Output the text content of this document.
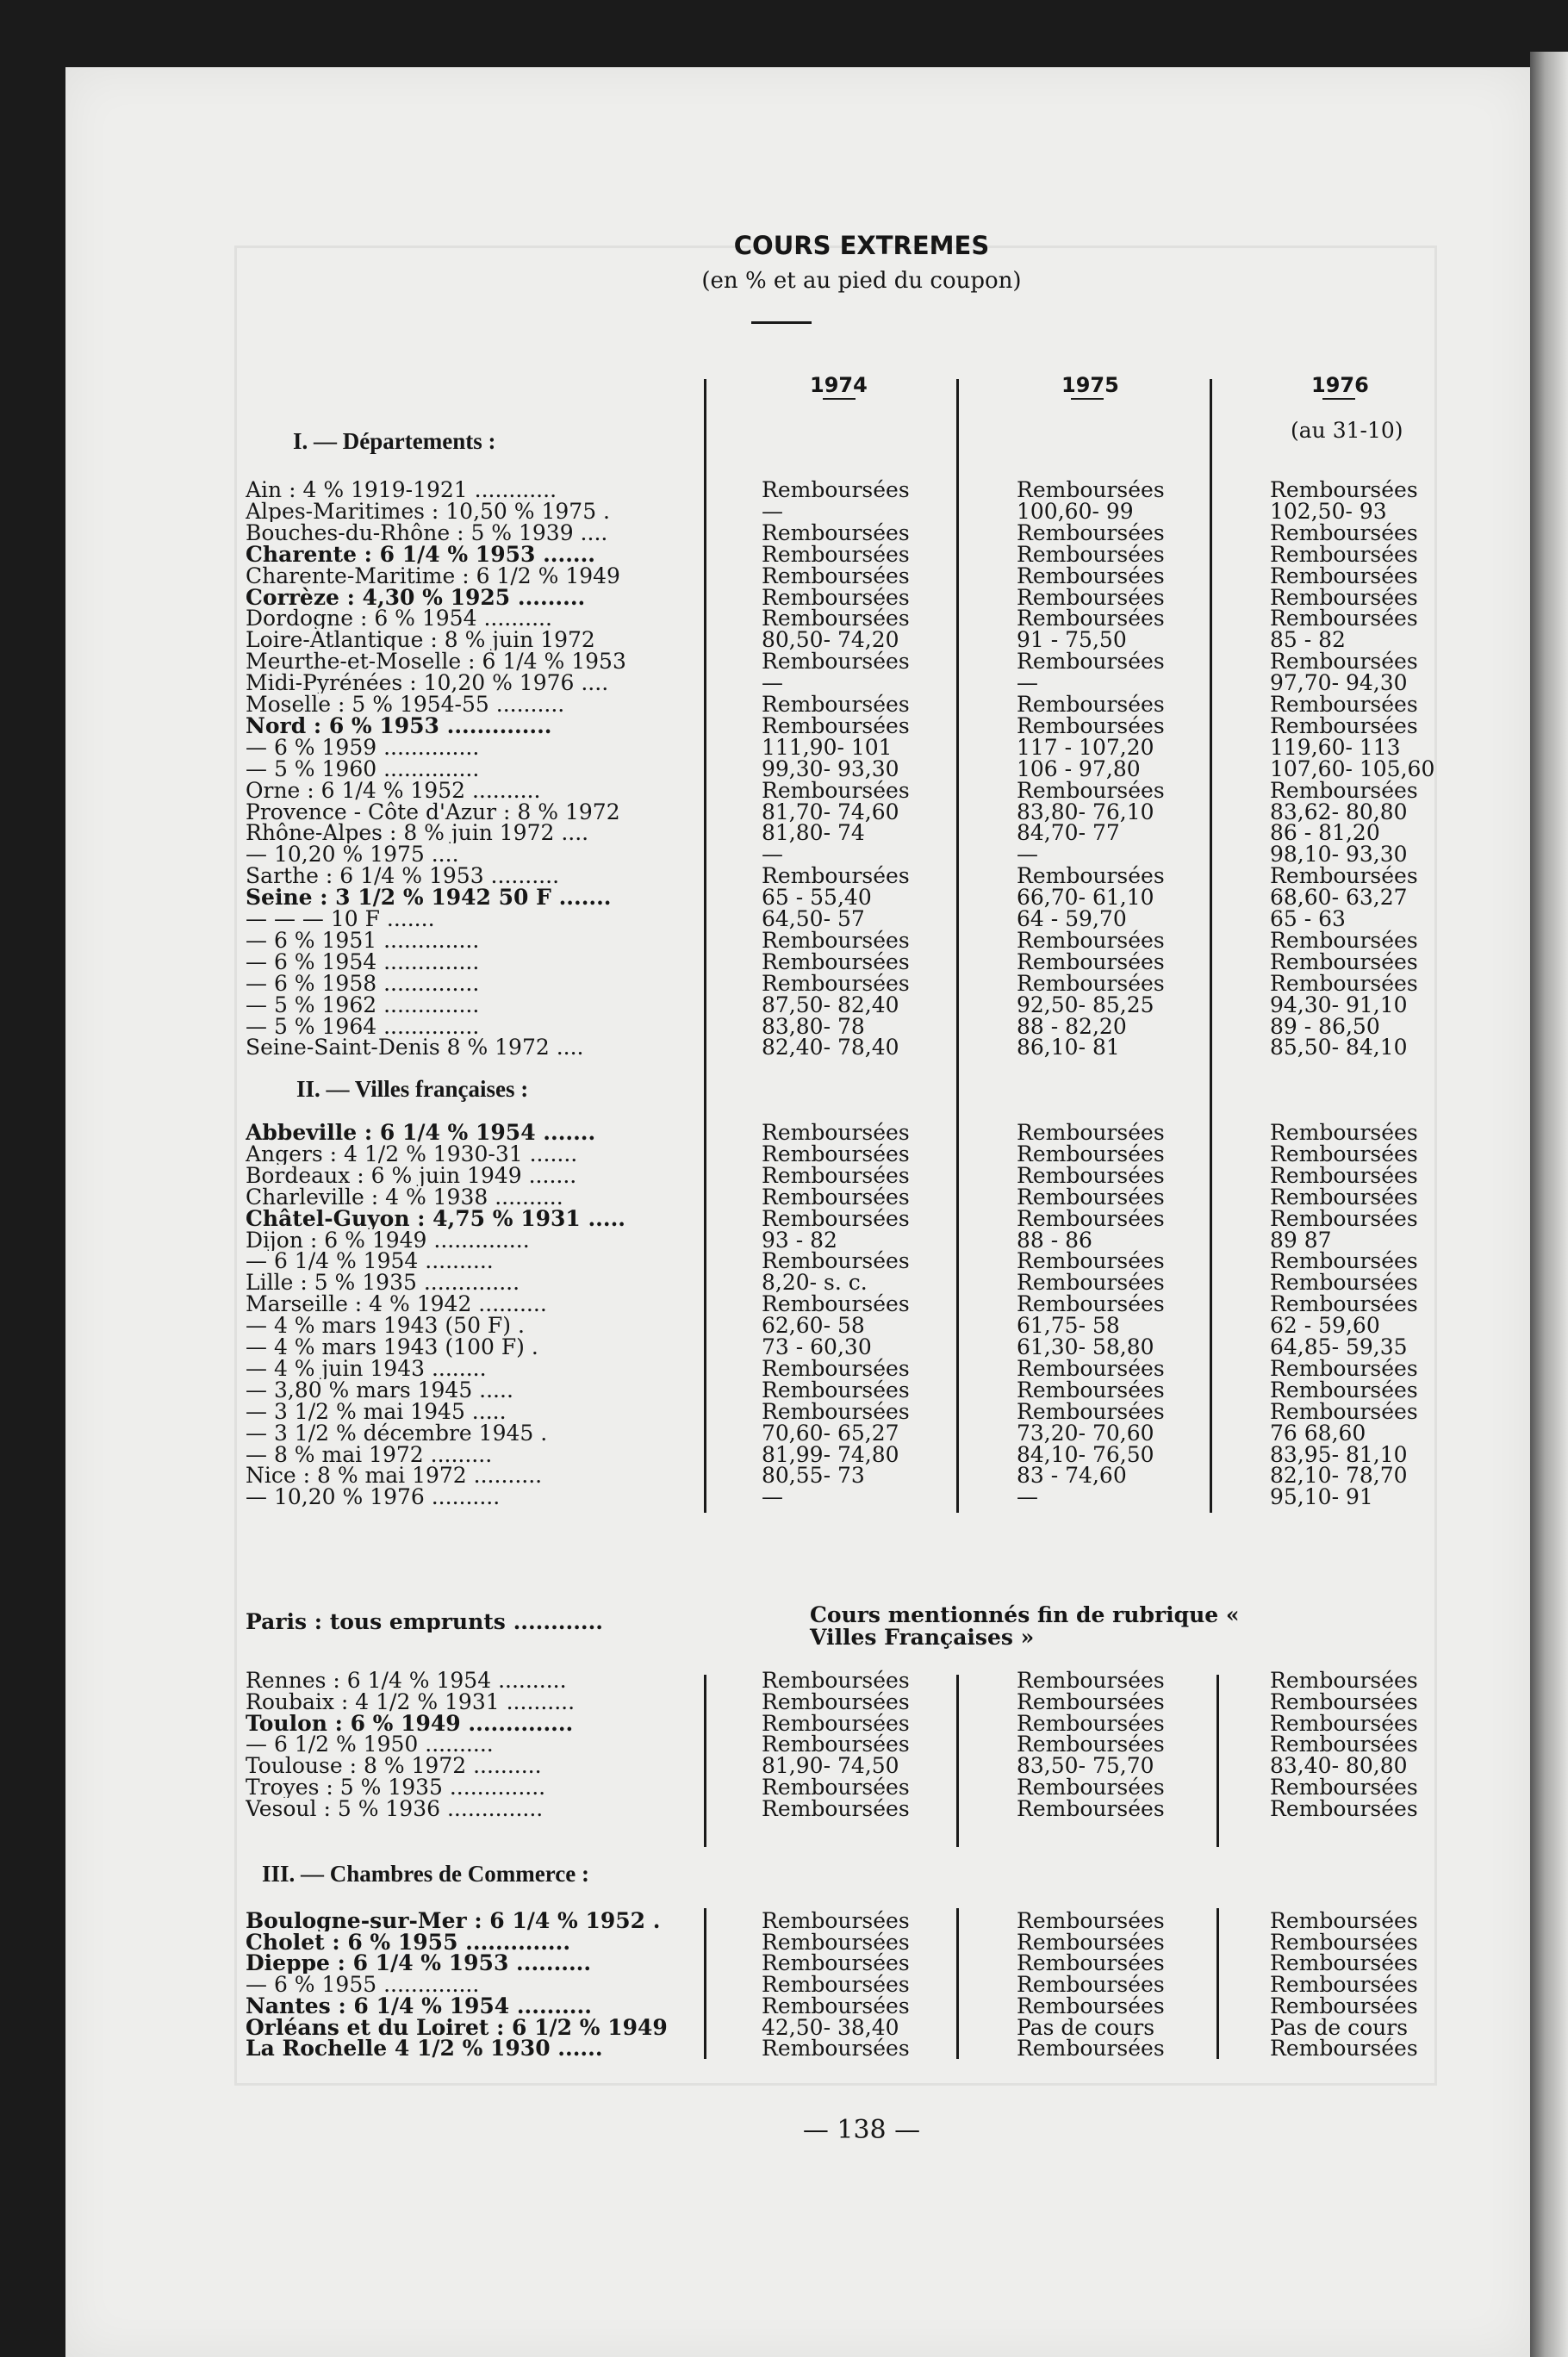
COURS EXTREMES
(en % et au pied du coupon)
1974	1975	1976
(au 31-10)
I. — Départements :
Ain : 4 % 1919-1921 ............	Remboursées	Remboursées	Remboursées
Alpes-Maritimes : 10,50 % 1975 .	—	100,60- 99	102,50- 93
Bouches-du-Rhône : 5 % 1939 ....	Remboursées	Remboursées	Remboursées
Charente : 6 1/4 % 1953 .......	Remboursées	Remboursées	Remboursées
Charente-Maritime : 6 1/2 % 1949	Remboursées	Remboursées	Remboursées
Corrèze : 4,30 % 1925 .........	Remboursées	Remboursées	Remboursées
Dordogne : 6 % 1954 ..........	Remboursées	Remboursées	Remboursées
Loire-Atlantique : 8 % juin 1972	80,50- 74,20	91 - 75,50	85 - 82
Meurthe-et-Moselle : 6 1/4 % 1953	Remboursées	Remboursées	Remboursées
Midi-Pyrénées : 10,20 % 1976 ....	—	—	97,70- 94,30
Moselle : 5 % 1954-55 ..........	Remboursées	Remboursées	Remboursées
Nord : 6 % 1953 ..............	Remboursées	Remboursées	Remboursées
— 6 % 1959 ..............	111,90- 101	117 - 107,20	119,60- 113
— 5 % 1960 ..............	99,30- 93,30	106 - 97,80	107,60- 105,60
Orne : 6 1/4 % 1952 ..........	Remboursées	Remboursées	Remboursées
Provence - Côte d'Azur : 8 % 1972	81,70- 74,60	83,80- 76,10	83,62- 80,80
Rhône-Alpes : 8 % juin 1972 ....	81,80- 74	84,70- 77	86 - 81,20
— 10,20 % 1975 ....	—	—	98,10- 93,30
Sarthe : 6 1/4 % 1953 ..........	Remboursées	Remboursées	Remboursées
Seine : 3 1/2 % 1942 50 F .......	65 - 55,40	66,70- 61,10	68,60- 63,27
— — — 10 F .......	64,50- 57	64 - 59,70	65 - 63
— 6 % 1951 ..............	Remboursées	Remboursées	Remboursées
— 6 % 1954 ..............	Remboursées	Remboursées	Remboursées
— 6 % 1958 ..............	Remboursées	Remboursées	Remboursées
— 5 % 1962 ..............	87,50- 82,40	92,50- 85,25	94,30- 91,10
— 5 % 1964 ..............	83,80- 78	88 - 82,20	89 - 86,50
Seine-Saint-Denis 8 % 1972 ....	82,40- 78,40	86,10- 81	85,50- 84,10
II. — Villes françaises :
Abbeville : 6 1/4 % 1954 .......	Remboursées	Remboursées	Remboursées
Angers : 4 1/2 % 1930-31 .......	Remboursées	Remboursées	Remboursées
Bordeaux : 6 % juin 1949 .......	Remboursées	Remboursées	Remboursées
Charleville : 4 % 1938 ..........	Remboursées	Remboursées	Remboursées
Châtel-Guyon : 4,75 % 1931 .....	Remboursées	Remboursées	Remboursées
Dijon : 6 % 1949 ..............	93 - 82	88 - 86	89 87
— 6 1/4 % 1954 ..........	Remboursées	Remboursées	Remboursées
Lille : 5 % 1935 ..............	8,20- s. c.	Remboursées	Remboursées
Marseille : 4 % 1942 ..........	Remboursées	Remboursées	Remboursées
— 4 % mars 1943 (50 F) .	62,60- 58	61,75- 58	62 - 59,60
— 4 % mars 1943 (100 F) .	73 - 60,30	61,30- 58,80	64,85- 59,35
— 4 % juin 1943 ........	Remboursées	Remboursées	Remboursées
— 3,80 % mars 1945 .....	Remboursées	Remboursées	Remboursées
— 3 1/2 % mai 1945 .....	Remboursées	Remboursées	Remboursées
— 3 1/2 % décembre 1945 .	70,60- 65,27	73,20- 70,60	76 68,60
— 8 % mai 1972 .........	81,99- 74,80	84,10- 76,50	83,95- 81,10
Nice : 8 % mai 1972 ..........	80,55- 73	83 - 74,60	82,10- 78,70
— 10,20 % 1976 ..........	—	—	95,10- 91
Paris : tous emprunts ............	Cours mentionnés fin de rubrique « Villes Françaises »
Rennes : 6 1/4 % 1954 ..........	Remboursées	Remboursées	Remboursées
Roubaix : 4 1/2 % 1931 ..........	Remboursées	Remboursées	Remboursées
Toulon : 6 % 1949 ..............	Remboursées	Remboursées	Remboursées
— 6 1/2 % 1950 ..........	Remboursées	Remboursées	Remboursées
Toulouse : 8 % 1972 ..........	81,90- 74,50	83,50- 75,70	83,40- 80,80
Troyes : 5 % 1935 ..............	Remboursées	Remboursées	Remboursées
Vesoul : 5 % 1936 ..............	Remboursées	Remboursées	Remboursées
III. — Chambres de Commerce :
Boulogne-sur-Mer : 6 1/4 % 1952 .	Remboursées	Remboursées	Remboursées
Cholet : 6 % 1955 ..............	Remboursées	Remboursées	Remboursées
Dieppe : 6 1/4 % 1953 ..........	Remboursées	Remboursées	Remboursées
— 6 % 1955 ..............	Remboursées	Remboursées	Remboursées
Nantes : 6 1/4 % 1954 ..........	Remboursées	Remboursées	Remboursées
Orléans et du Loiret : 6 1/2 % 1949	42,50- 38,40	Pas de cours	Pas de cours
La Rochelle 4 1/2 % 1930 ......	Remboursées	Remboursées	Remboursées
— 138 —
